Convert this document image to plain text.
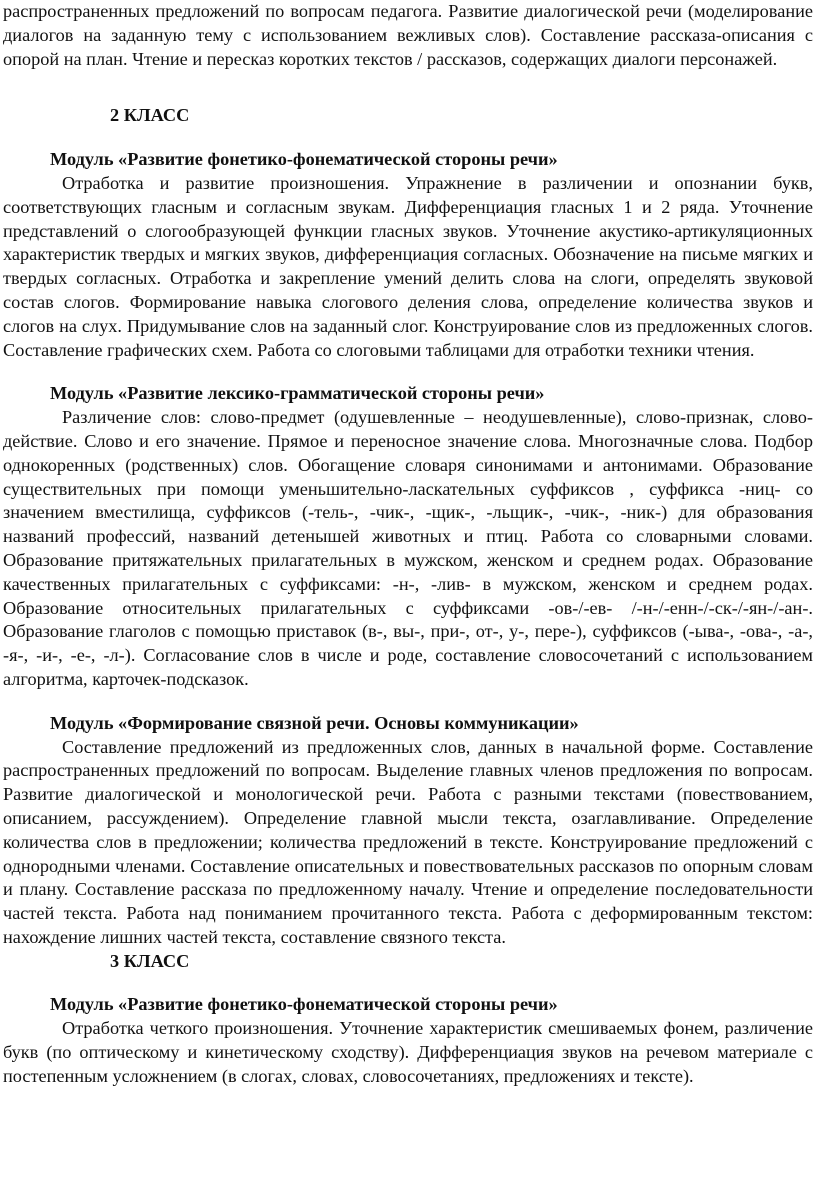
распространенных предложений по вопросам педагога. Развитие диалогической речи (моделирование диалогов на заданную тему с использованием вежливых слов). Составление рассказа-описания с опорой на план. Чтение и пересказ коротких текстов / рассказов, содержащих диалоги персонажей.

2 КЛАСС

Модуль «Развитие фонетико-фонематической стороны речи»

Отработка и развитие произношения. Упражнение в различении и опознании букв, соответствующих гласным и согласным звукам. Дифференциация гласных 1 и 2 ряда. Уточнение представлений о слогообразующей функции гласных звуков. Уточнение акустико-артикуляционных характеристик твердых и мягких звуков, дифференциация согласных. Обозначение на письме мягких и твердых согласных. Отработка и закрепление умений делить слова на слоги, определять звуковой состав слогов. Формирование навыка слогового деления слова, определение количества звуков и слогов на слух. Придумывание слов на заданный слог. Конструирование слов из предложенных слогов. Составление графических схем. Работа со слоговыми таблицами для отработки техники чтения.

Модуль «Развитие лексико-грамматической стороны речи»

Различение слов: слово-предмет (одушевленные – неодушевленные), слово-признак, слово-действие. Слово и его значение. Прямое и переносное значение слова. Многозначные слова. Подбор однокоренных (родственных) слов. Обогащение словаря синонимами и антонимами. Образование существительных при помощи уменьшительно-ласкательных суффиксов , суффикса -ниц- со значением вместилища, суффиксов (-тель-, -чик-, -щик-, -льщик-, -чик-, -ник-) для образования названий профессий, названий детенышей животных и птиц. Работа со словарными словами. Образование притяжательных прилагательных в мужском, женском и среднем родах. Образование качественных прилагательных с суффиксами: -н-, -лив- в мужском, женском и среднем родах. Образование относительных прилагательных с суффиксами -ов-/-ев- /-н-/-енн-/-ск-/-ян-/-ан-. Образование глаголов с помощью приставок (в-, вы-, при-, от-, у-, пере-), суффиксов (-ыва-, -ова-, -а-, -я-, -и-, -е-, -л-). Согласование слов в числе и роде, составление словосочетаний с использованием алгоритма, карточек-подсказок.

Модуль «Формирование связной речи. Основы коммуникации»

Составление предложений из предложенных слов, данных в начальной форме. Составление распространенных предложений по вопросам. Выделение главных членов предложения по вопросам. Развитие диалогической и монологической речи. Работа с разными текстами (повествованием, описанием, рассуждением). Определение главной мысли текста, озаглавливание. Определение количества слов в предложении; количества предложений в тексте. Конструирование предложений с однородными членами. Составление описательных и повествовательных рассказов по опорным словам и плану. Составление рассказа по предложенному началу. Чтение и определение последовательности частей текста. Работа над пониманием прочитанного текста. Работа с деформированным текстом: нахождение лишних частей текста, составление связного текста.

3 КЛАСС

Модуль «Развитие фонетико-фонематической стороны речи»

Отработка четкого произношения. Уточнение характеристик смешиваемых фонем, различение букв (по оптическому и кинетическому сходству). Дифференциация звуков на речевом материале с постепенным усложнением (в слогах, словах, словосочетаниях, предложениях и тексте).
